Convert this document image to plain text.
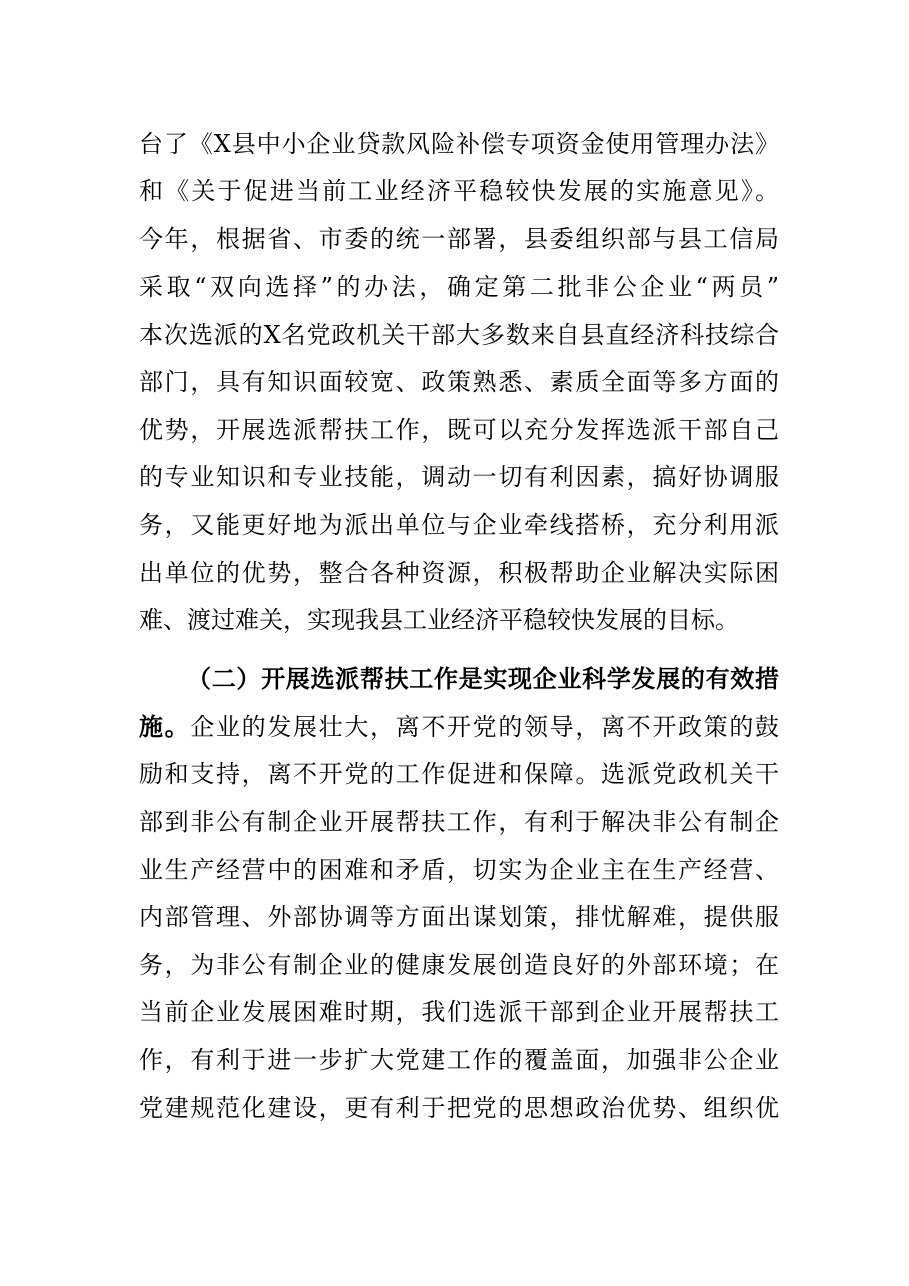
台了《X县中小企业贷款风险补偿专项资金使用管理办法》
和《关于促进当前工业经济平稳较快发展的实施意见》。
今年，根据省、市委的统一部署，县委组织部与县工信局
采取“双向选择”的办法，确定第二批非公企业“两员”
本次选派的X名党政机关干部大多数来自县直经济科技综合
部门，具有知识面较宽、政策熟悉、素质全面等多方面的
优势，开展选派帮扶工作，既可以充分发挥选派干部自己
的专业知识和专业技能，调动一切有利因素，搞好协调服
务，又能更好地为派出单位与企业牵线搭桥，充分利用派
出单位的优势，整合各种资源，积极帮助企业解决实际困
难、渡过难关，实现我县工业经济平稳较快发展的目标。
（二）开展选派帮扶工作是实现企业科学发展的有效措
施。企业的发展壮大，离不开党的领导，离不开政策的鼓
励和支持，离不开党的工作促进和保障。选派党政机关干
部到非公有制企业开展帮扶工作，有利于解决非公有制企
业生产经营中的困难和矛盾，切实为企业主在生产经营、
内部管理、外部协调等方面出谋划策，排忧解难，提供服
务，为非公有制企业的健康发展创造良好的外部环境；在
当前企业发展困难时期，我们选派干部到企业开展帮扶工
作，有利于进一步扩大党建工作的覆盖面，加强非公企业
党建规范化建设，更有利于把党的思想政治优势、组织优
